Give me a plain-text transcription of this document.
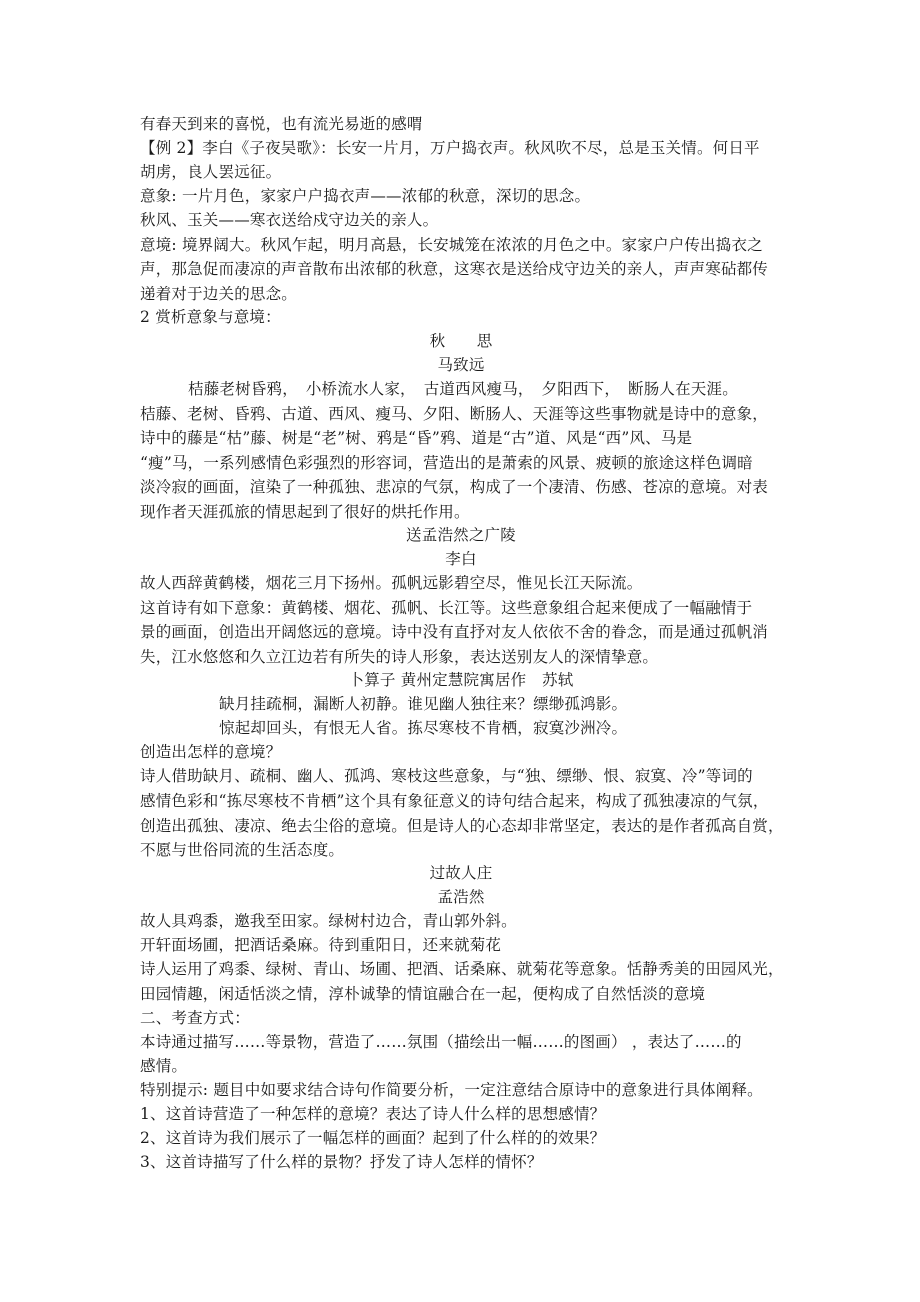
有春天到来的喜悦，也有流光易逝的感喟
【例 2】李白《子夜吴歌》：长安一片月，万户捣衣声。秋风吹不尽，总是玉关情。何日平
胡虏，良人罢远征。
意象: 一片月色，家家户户捣衣声——浓郁的秋意，深切的思念。
秋风、玉关——寒衣送给戍守边关的亲人。
意境: 境界阔大。秋风乍起，明月高悬，长安城笼在浓浓的月色之中。家家户户传出捣衣之
声，那急促而凄凉的声音散布出浓郁的秋意，这寒衣是送给戍守边关的亲人，声声寒砧都传
递着对于边关的思念。
2 赏析意象与意境：
秋　　思
马致远
桔藤老树昏鸦，　小桥流水人家，　古道西风瘦马，　夕阳西下，　断肠人在天涯。
桔藤、老树、昏鸦、古道、西风、瘦马、夕阳、断肠人、天涯等这些事物就是诗中的意象，
诗中的藤是“枯”藤、树是“老”树、鸦是“昏”鸦、道是“古”道、风是“西”风、马是
“瘦”马，一系列感情色彩强烈的形容词，营造出的是萧索的风景、疲顿的旅途这样色调暗
淡冷寂的画面，渲染了一种孤独、悲凉的气氛，构成了一个凄清、伤感、苍凉的意境。对表
现作者天涯孤旅的情思起到了很好的烘托作用。
送孟浩然之广陵
李白
故人西辞黄鹤楼，烟花三月下扬州。孤帆远影碧空尽，惟见长江天际流。
这首诗有如下意象：黄鹤楼、烟花、孤帆、长江等。这些意象组合起来便成了一幅融情于
景的画面，创造出开阔悠远的意境。诗中没有直抒对友人依依不舍的眷念，而是通过孤帆消
失，江水悠悠和久立江边若有所失的诗人形象，表达送别友人的深情挚意。
卜算子 黄州定慧院寓居作　苏轼
缺月挂疏桐，漏断人初静。谁见幽人独往来？缥缈孤鸿影。
惊起却回头，有恨无人省。拣尽寒枝不肯栖，寂寞沙洲冷。
创造出怎样的意境？
诗人借助缺月、疏桐、幽人、孤鸿、寒枝这些意象，与“独、缥缈、恨、寂寞、冷”等词的
感情色彩和“拣尽寒枝不肯栖”这个具有象征意义的诗句结合起来，构成了孤独凄凉的气氛，
创造出孤独、凄凉、绝去尘俗的意境。但是诗人的心态却非常坚定，表达的是作者孤高自赏，
不愿与世俗同流的生活态度。
过故人庄
孟浩然
故人具鸡黍，邀我至田家。绿树村边合，青山郭外斜。
开轩面场圃，把酒话桑麻。待到重阳日，还来就菊花
诗人运用了鸡黍、绿树、青山、场圃、把酒、话桑麻、就菊花等意象。恬静秀美的田园风光，
田园情趣，闲适恬淡之情，淳朴诚挚的情谊融合在一起，便构成了自然恬淡的意境
二、考查方式：
本诗通过描写……等景物，营造了……氛围（描绘出一幅……的图画） ，表达了……的
感情。
特别提示: 题目中如要求结合诗句作简要分析，一定注意结合原诗中的意象进行具体阐释。
1、这首诗营造了一种怎样的意境？表达了诗人什么样的思想感情？
2、这首诗为我们展示了一幅怎样的画面？起到了什么样的的效果？
3、这首诗描写了什么样的景物？抒发了诗人怎样的情怀？
